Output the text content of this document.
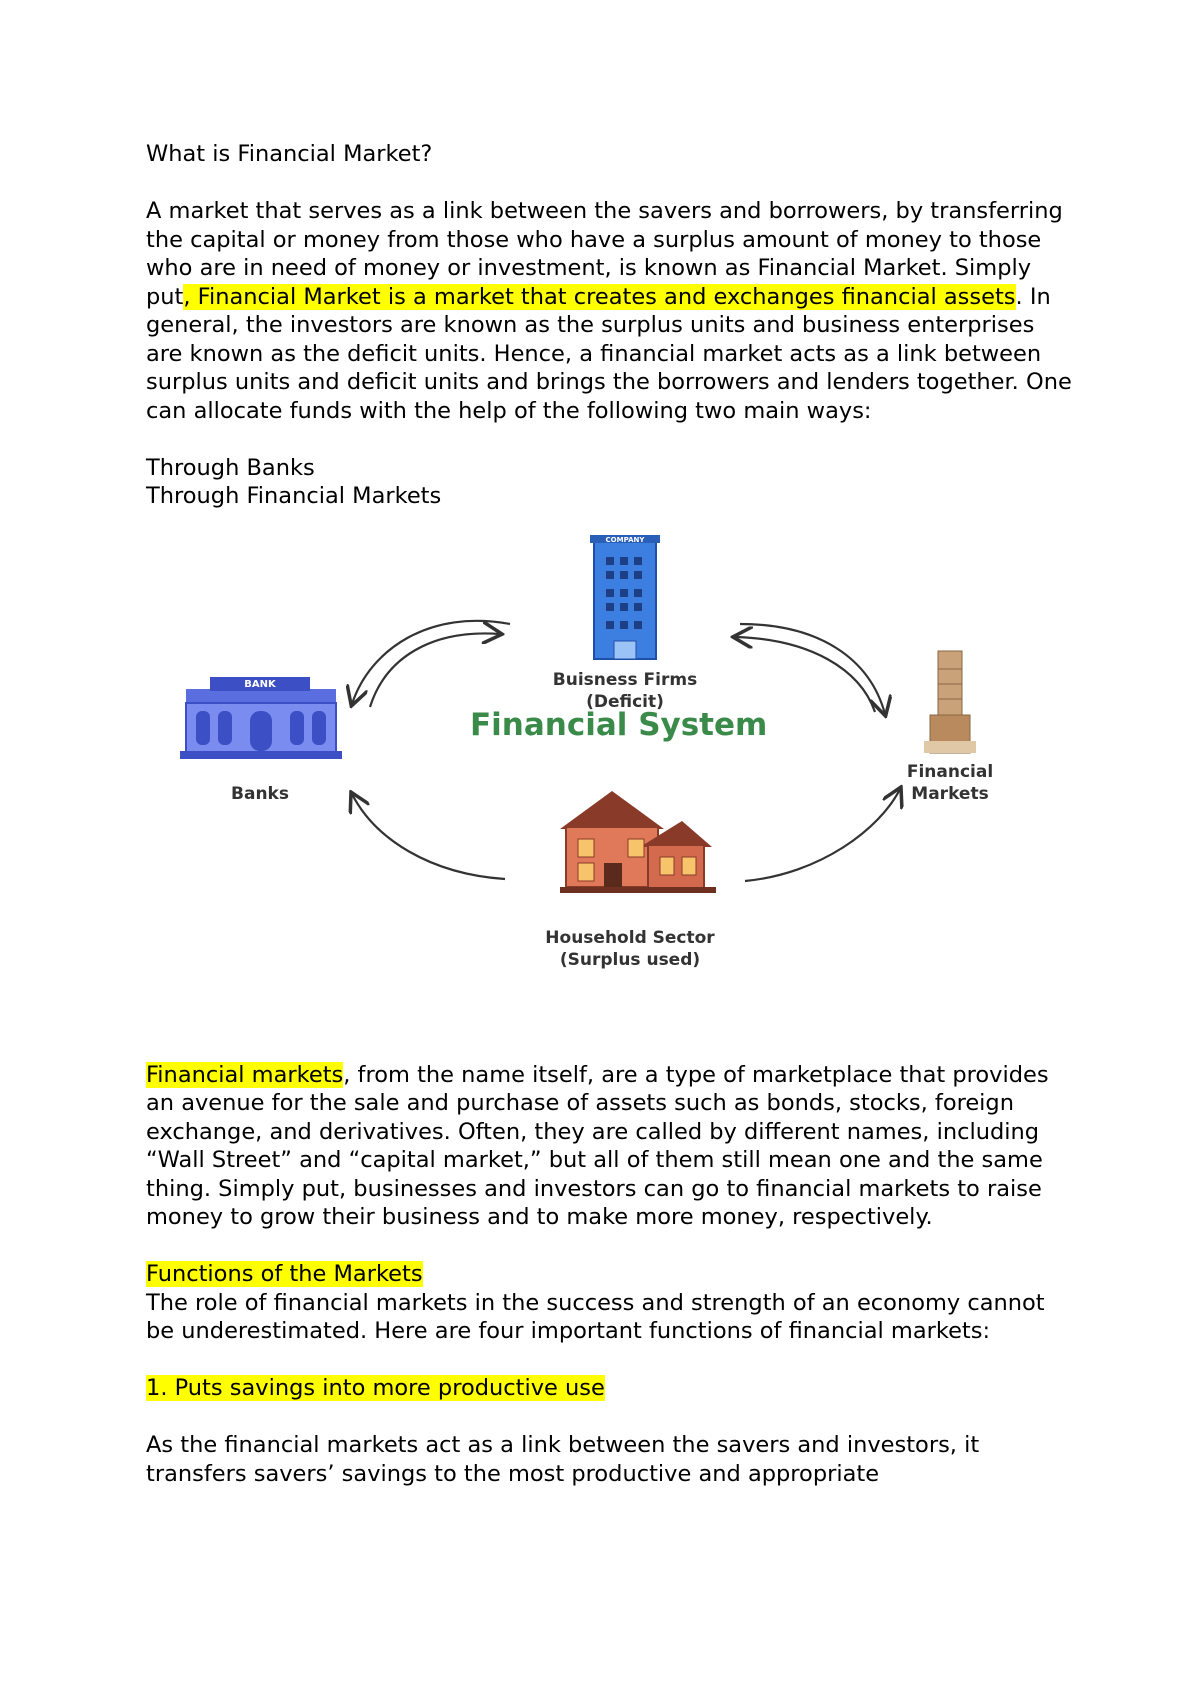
What is Financial Market?

A market that serves as a link between the savers and borrowers, by transferring the capital or money from those who have a surplus amount of money to those who are in need of money or investment, is known as Financial Market. Simply put, Financial Market is a market that creates and exchanges financial assets. In general, the investors are known as the surplus units and business enterprises are known as the deficit units. Hence, a financial market acts as a link between surplus units and deficit units and brings the borrowers and lenders together. One can allocate funds with the help of the following two main ways:

Through Banks

Through Financial Markets

COMPANY
BANK	Buisness Firms
(Deficit)
Banks
Financial
Markets
Household Sector
(Surplus used)
Financial System

Financial markets, from the name itself, are a type of marketplace that provides an avenue for the sale and purchase of assets such as bonds, stocks, foreign exchange, and derivatives. Often, they are called by different names, including “Wall Street” and “capital market,” but all of them still mean one and the same thing. Simply put, businesses and investors can go to financial markets to raise money to grow their business and to make more money, respectively.

Functions of the Markets

The role of financial markets in the success and strength of an economy cannot be underestimated. Here are four important functions of financial markets:

1. Puts savings into more productive use

As the financial markets act as a link between the savers and investors, it transfers savers’ savings to the most productive and appropriate
